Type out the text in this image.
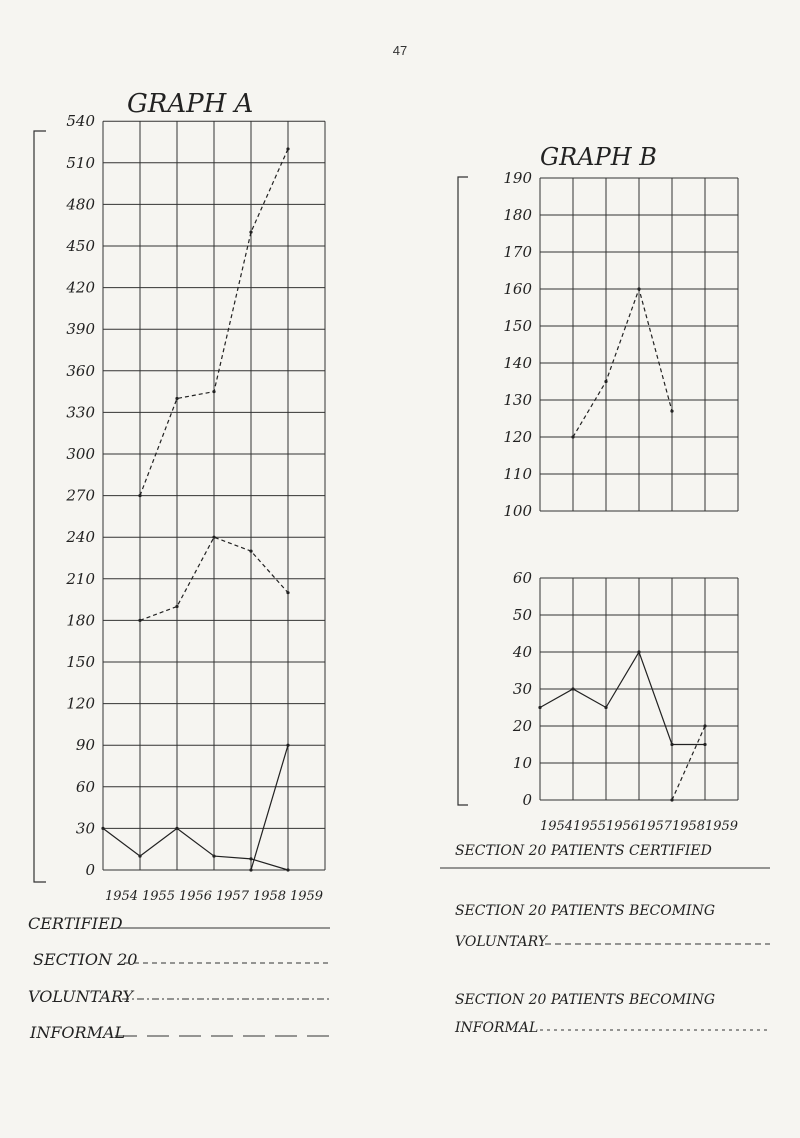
47
GRAPH A
0
30
60
90
120
150
180
210
240
270
300
330
360
390
420
450
480
510
540
1954 1955 1956 1957 1958 1959
CERTIFIED
SECTION 20
VOLUNTARY
INFORMAL
GRAPH B
0
10
20
30
40
50
60
100
110
120
130
140
150
160
170
180
190
1954 1955 1956 1957 1958 1959
SECTION 20 PATIENTS CERTIFIED
SECTION 20 PATIENTS BECOMING
VOLUNTARY
SECTION 20 PATIENTS BECOMING
INFORMAL
